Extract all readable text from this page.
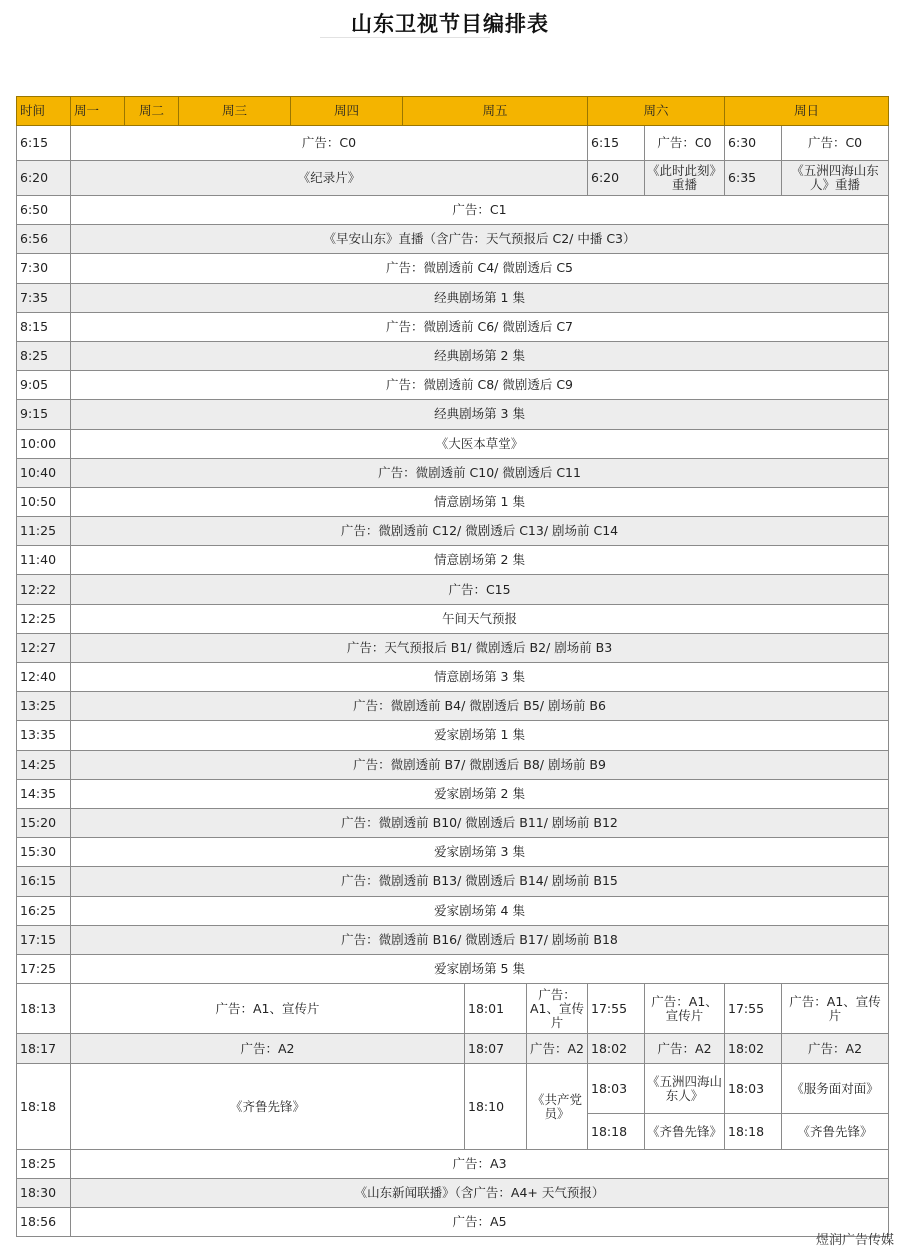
山东卫视节目编排表
时间	周一	周二	周三	周四	周五			周六		周日	
6:15	广告：C0							6:15	广告：C0	6:30	广告：C0
6:20	《纪录片》							6:20	《此时此刻》重播	6:35	《五洲四海山东人》重播
6:50	广告：C1										
6:56	《早安山东》直播（含广告：天气预报后 C2/ 中播 C3）										
7:30	广告：微剧透前 C4/ 微剧透后 C5										
7:35	经典剧场第 1 集										
8:15	广告：微剧透前 C6/ 微剧透后 C7										
8:25	经典剧场第 2 集										
9:05	广告：微剧透前 C8/ 微剧透后 C9										
9:15	经典剧场第 3 集										
10:00	《大医本草堂》										
10:40	广告：微剧透前 C10/ 微剧透后 C11										
10:50	情意剧场第 1 集										
11:25	广告：微剧透前 C12/ 微剧透后 C13/ 剧场前 C14										
11:40	情意剧场第 2 集										
12:22	广告：C15										
12:25	午间天气预报										
12:27	广告：天气预报后 B1/ 微剧透后 B2/ 剧场前 B3										
12:40	情意剧场第 3 集										
13:25	广告：微剧透前 B4/ 微剧透后 B5/ 剧场前 B6										
13:35	爱家剧场第 1 集										
14:25	广告：微剧透前 B7/ 微剧透后 B8/ 剧场前 B9										
14:35	爱家剧场第 2 集										
15:20	广告：微剧透前 B10/ 微剧透后 B11/ 剧场前 B12										
15:30	爱家剧场第 3 集										
16:15	广告：微剧透前 B13/ 微剧透后 B14/ 剧场前 B15										
16:25	爱家剧场第 4 集										
17:15	广告：微剧透前 B16/ 微剧透后 B17/ 剧场前 B18										
17:25	爱家剧场第 5 集										
18:13	广告：A1、宣传片					18:01	广告：A1、宣传片	17:55	广告：A1、宣传片	17:55	广告：A1、宣传片
18:17	广告：A2					18:07	广告：A2	18:02	广告：A2	18:02	广告：A2
18:18	《齐鲁先锋》					18:10	《共产党员》	18:03	《五洲四海山东人》	18:03	《服务面对面》
								18:18	《齐鲁先锋》	18:18	《齐鲁先锋》
18:25	广告：A3										
18:30	《山东新闻联播》（含广告：A4+ 天气预报）										
18:56	广告：A5										
煜润广告传媒
